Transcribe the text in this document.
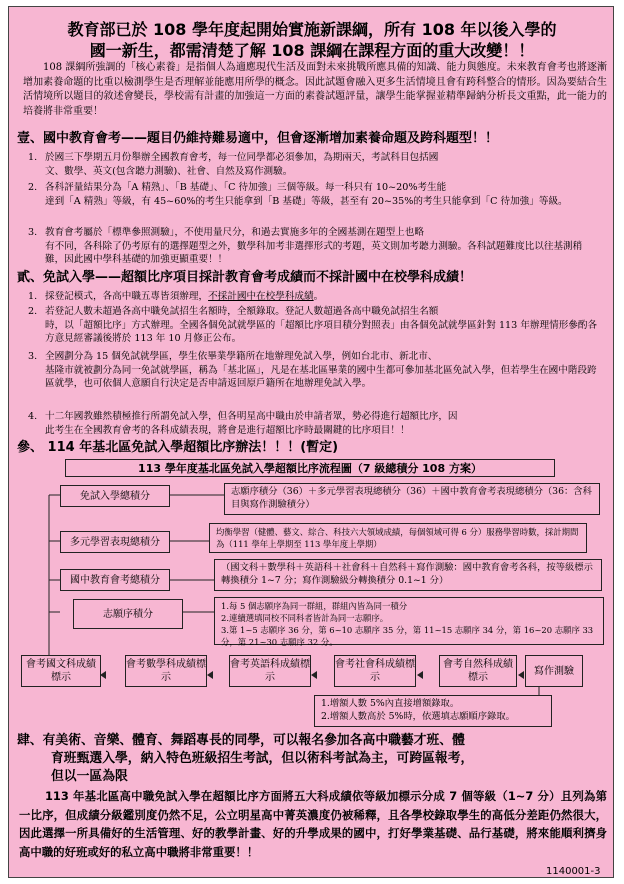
教育部已於 108 學年度起開始實施新課綱，所有 108 年以後入學的
國一新生，都需清楚了解 108 課綱在課程方面的重大改變！！
108 課綱所強調的「核心素養」是指個人為適應現代生活及面對未來挑戰所應具備的知識、能力與態度。未來教育會考也將逐漸增加素養命題的比重以檢測學生是否理解並能應用所學的概念。因此試題會融入更多生活情境且會有跨科整合的情形。因為要結合生活情境所以題目的敘述會變長，學校需有計畫的加強這一方面的素養試題評量，讓學生能掌握並精準歸納分析長文重點，此一能力的培養將非常重要！
壹、國中教育會考——題目仍維持難易適中，但會逐漸增加素養命題及跨科題型！！
1. 於國三下學期五月份舉辦全國教育會考，每一位同學都必須參加，為期兩天，考試科目包括國
文、數學、英文(包含聽力測驗)、社會、自然及寫作測驗。
2. 各科評量結果分為「A 精熟」、「B 基礎」、「C 待加強」三個等級。每一科只有 10~20%考生能
達到「A 精熟」等級，有 45~60%的考生只能拿到「B 基礎」等級，甚至有 20~35%的考生只能拿到「C 待加強」等級。
3. 教育會考屬於「標準參照測驗」，不使用量尺分，和過去實施多年的全國基測在題型上也略
有不同，各科除了仍考原有的選擇題型之外，數學科加考非選擇形式的考題，英文則加考聽力測驗。各科試題難度比以往基測稍難，因此國中學科基礎的加強更顯重要！！
貳、免試入學——超額比序項目採計教育會考成績而不採計國中在校學科成績！
1. 採登記模式，各高中職五專皆須辦理，不採計國中在校學科成績。
2. 若登記人數未超過各高中職免試招生名額時，全額錄取。登記人數超過各高中職免試招生名額
時，以「超額比序」方式辦理。全國各個免試就學區的「超額比序項目積分對照表」由各個免試就學區針對 113 年辦理情形參酌各方意見經審議後將於 113 年 10 月修正公布。
3. 全國劃分為 15 個免試就學區，學生依畢業學籍所在地辦理免試入學，例如台北市、新北市、
基隆市就被劃分為同一免試就學區，稱為「基北區」，凡是在基北區畢業的國中生都可參加基北區免試入學，但若學生在國中階段跨區就學，也可依個人意願自行決定是否申請返回原戶籍所在地辦理免試入學。
4. 十二年國教雖然積極推行所謂免試入學，但各明星高中職由於申請者眾，勢必得進行超額比序，因
此考生在全國教育會考的各科成績表現，將會是進行超額比序時最關鍵的比序項目！！
參、 114 年基北區免試入學超額比序辦法！！！(暫定)
113 學年度基北區免試入學超額比序流程圖（7 級總積分 108 方案）
免試入學總積分
多元學習表現總積分
國中教育會考總積分
志願序積分
志願序積分（36）＋多元學習表現總積分（36）＋國中教育會考表現總積分（36：含科目與寫作測驗積分）
均衡學習（健體、藝文、綜合、科技六大領域成績，每個領域可得 6 分）服務學習時數，採計期間為（111 學年上學期至 113 學年度上學期）
（國文科＋數學科＋英語科＋社會科＋自然科＋寫作測驗：國中教育會考各科，按等級標示轉換積分 1~7 分；寫作測驗級分轉換積分 0.1~1 分）
1.每 5 個志願序為同一群組，群組內皆為同一積分
2.連續選填同校不同科者皆計為同一志願序。
3.第 1~5 志願序 36 分，第 6~10 志願序 35 分，第 11~15 志願序 34 分，第 16~20 志願序 33 分，第 21~30 志願序 32 分。
會考國文科成績標示
會考數學科成績標示
會考英語科成績標示
會考社會科成績標示
會考自然科成績標示
寫作測驗
1.增額人數 5%內直接增額錄取。
2.增額人數高於 5%時，依選填志願順序錄取。
肆、有美術、音樂、體育、舞蹈專長的同學，可以報名參加各高中職藝才班、體
育班甄選入學，納入特色班級招生考試，但以術科考試為主，可跨區報考，
但以一區為限
113 年基北區高中職免試入學在超額比序方面將五大科成績依等級加標示分成 7 個等級（1~7 分）且列為第一比序，但成績分級鑑別度仍然不足，公立明星高中菁英濃度仍被稀釋，且各學校錄取學生的高低分差距仍然很大，因此選擇一所具備好的生活管理、好的教學計畫、好的升學成果的國中，打好學業基礎、品行基礎，將來能順利擠身高中職的好班或好的私立高中職將非常重要！！
1140001-3
